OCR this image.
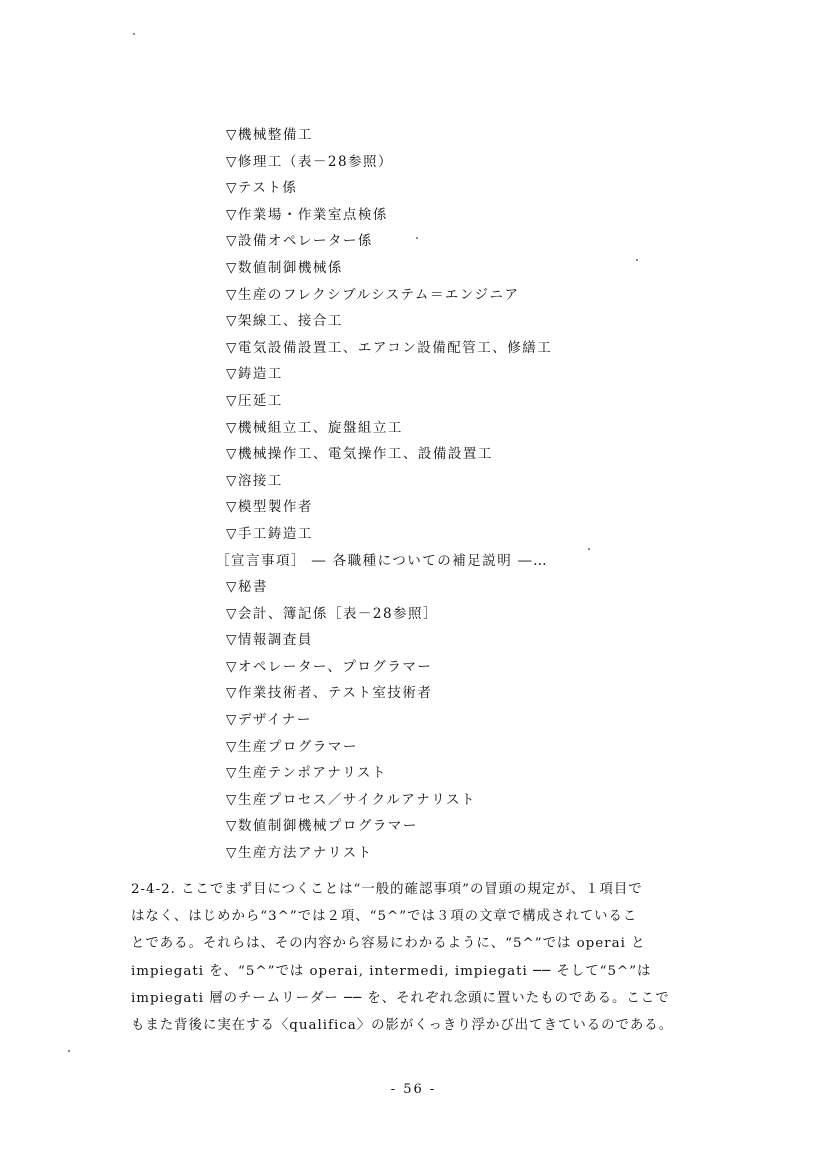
▽機械整備工
▽修理工（表－28参照）
▽テスト係
▽作業場・作業室点検係
▽設備オペレーター係
▽数値制御機械係
▽生産のフレクシブルシステム＝エンジニア
▽架線工、接合工
▽電気設備設置工、エアコン設備配管工、修繕工
▽鋳造工
▽圧延工
▽機械組立工、旋盤組立工
▽機械操作工、電気操作工、設備設置工
▽溶接工
▽模型製作者
▽手工鋳造工
［宣言事項］ ― 各職種についての補足説明 ―…
▽秘書
▽会計、簿記係［表－28参照］
▽情報調査員
▽オペレーター、プログラマー
▽作業技術者、テスト室技術者
▽デザイナー
▽生産プログラマー
▽生産テンポアナリスト
▽生産プロセス／サイクルアナリスト
▽数値制御機械プログラマー
▽生産方法アナリスト
2-4-2. ここでまず目につくことは“一般的確認事項”の冒頭の規定が、１項目で
はなく、はじめから“3^”では２項、“5^”では３項の文章で構成されているこ
とである。それらは、その内容から容易にわかるように、“5^”では operai と
impiegati を、“5^”では operai, intermedi, impiegati ── そして“5^”は
impiegati 層のチームリーダー ── を、それぞれ念頭に置いたものである。ここで
もまた背後に実在する〈qualifica〉の影がくっきり浮かび出てきているのである。
- 56 -
